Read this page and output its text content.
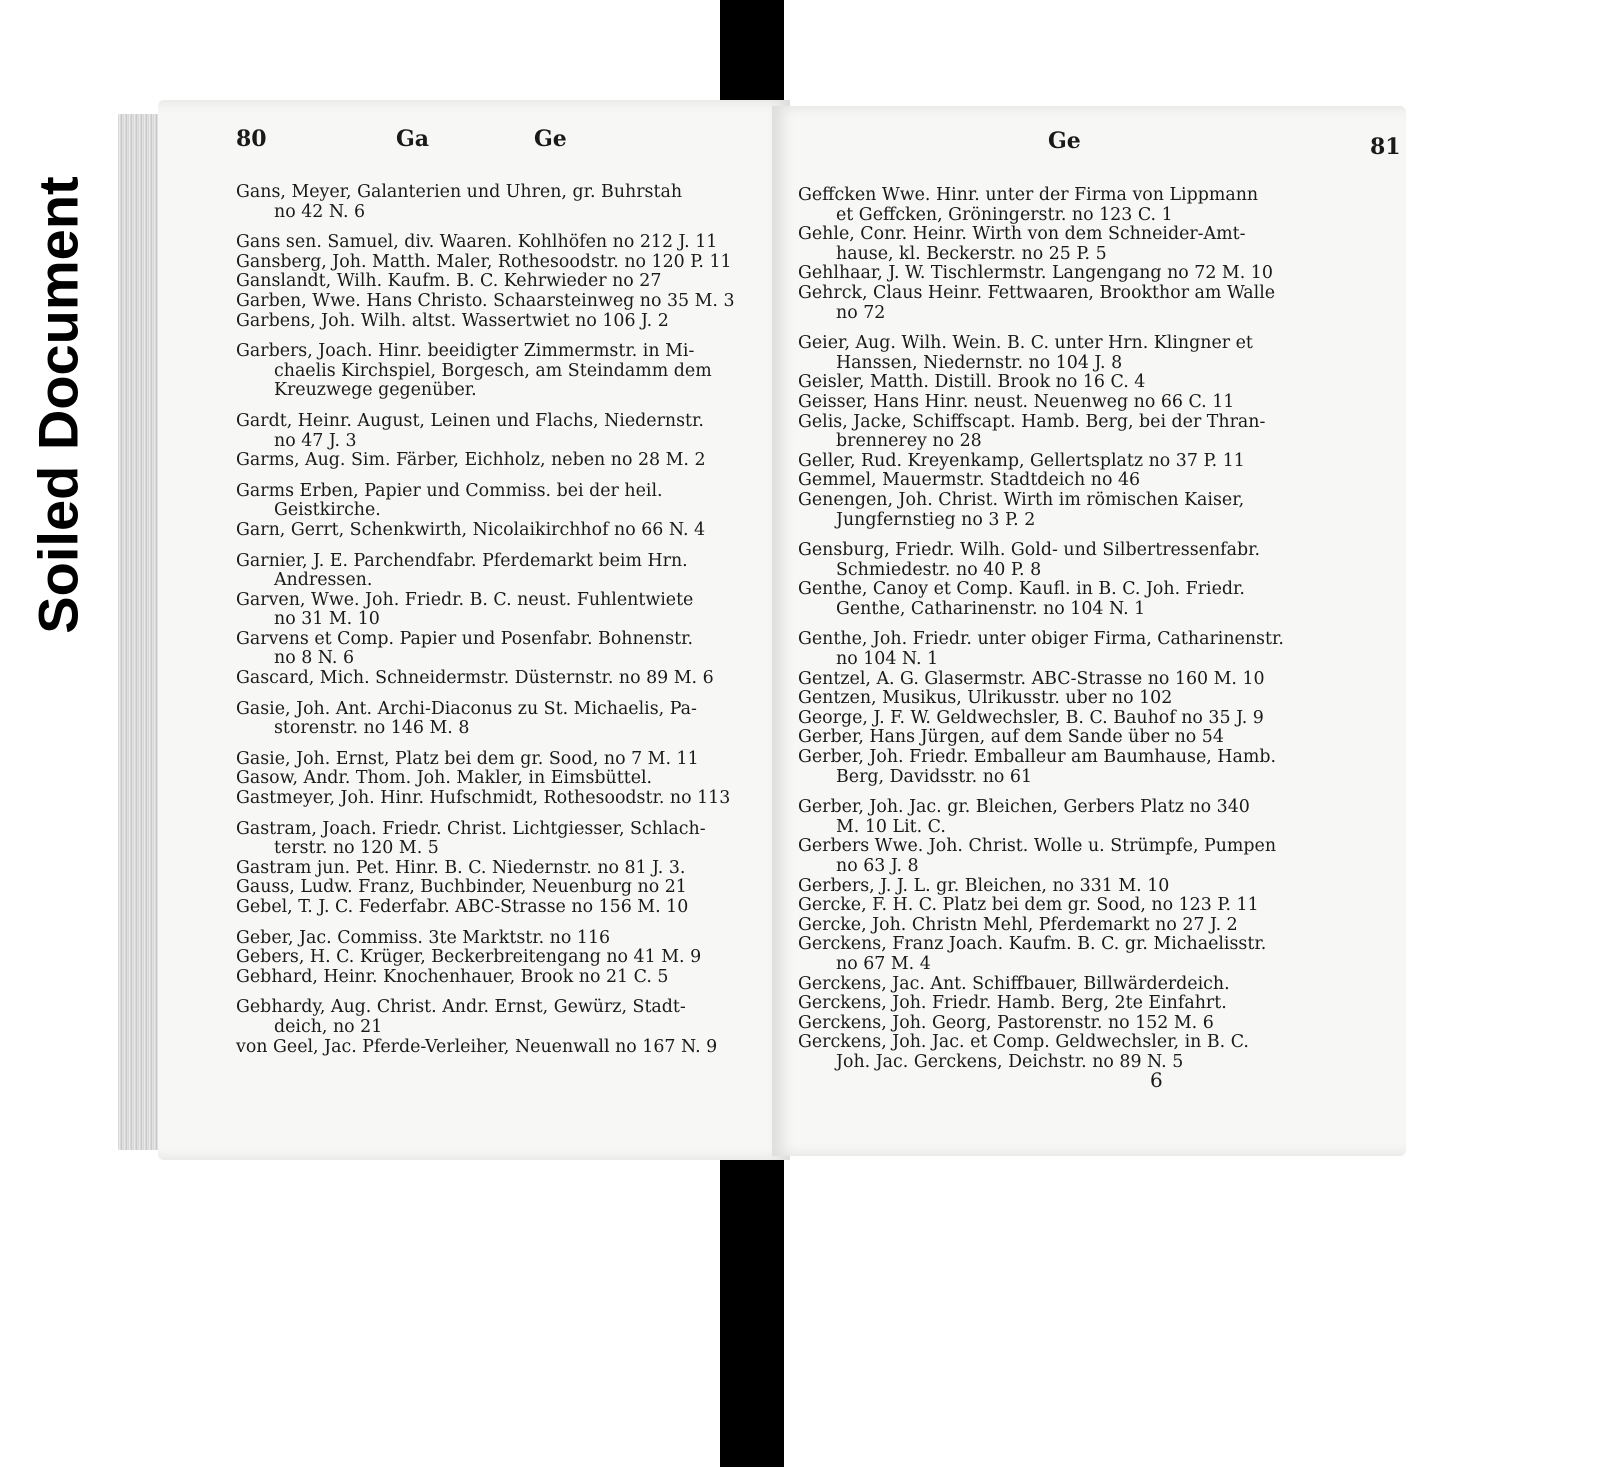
Soiled Document
80	Ga	Ge
Gans, Meyer, Galanterien und Uhren, gr. Buhrstah
no 42 N. 6
Gans sen. Samuel, div. Waaren. Kohlhöfen no 212 J. 11
Gansberg, Joh. Matth. Maler, Rothesoodstr. no 120 P. 11
Ganslandt, Wilh. Kaufm. B. C. Kehrwieder no 27
Garben, Wwe. Hans Christo. Schaarsteinweg no 35 M. 3
Garbens, Joh. Wilh. altst. Wassertwiet no 106 J. 2
Garbers, Joach. Hinr. beeidigter Zimmermstr. in Mi-
chaelis Kirchspiel, Borgesch, am Steindamm dem
Kreuzwege gegenüber.
Gardt, Heinr. August, Leinen und Flachs, Niedernstr.
no 47 J. 3
Garms, Aug. Sim. Färber, Eichholz, neben no 28 M. 2
Garms Erben, Papier und Commiss. bei der heil.
Geistkirche.
Garn, Gerrt, Schenkwirth, Nicolaikirchhof no 66 N. 4
Garnier, J. E. Parchendfabr. Pferdemarkt beim Hrn.
Andressen.
Garven, Wwe. Joh. Friedr. B. C. neust. Fuhlentwiete
no 31 M. 10
Garvens et Comp. Papier und Posenfabr. Bohnenstr.
no 8 N. 6
Gascard, Mich. Schneidermstr. Düsternstr. no 89 M. 6
Gasie, Joh. Ant. Archi-Diaconus zu St. Michaelis, Pa-
storenstr. no 146 M. 8
Gasie, Joh. Ernst, Platz bei dem gr. Sood, no 7 M. 11
Gasow, Andr. Thom. Joh. Makler, in Eimsbüttel.
Gastmeyer, Joh. Hinr. Hufschmidt, Rothesoodstr. no 113
Gastram, Joach. Friedr. Christ. Lichtgiesser, Schlach-
terstr. no 120 M. 5
Gastram jun. Pet. Hinr. B. C. Niedernstr. no 81 J. 3.
Gauss, Ludw. Franz, Buchbinder, Neuenburg no 21
Gebel, T. J. C. Federfabr. ABC-Strasse no 156 M. 10
Geber, Jac. Commiss. 3te Marktstr. no 116
Gebers, H. C. Krüger, Beckerbreitengang no 41 M. 9
Gebhard, Heinr. Knochenhauer, Brook no 21 C. 5
Gebhardy, Aug. Christ. Andr. Ernst, Gewürz, Stadt-
deich, no 21
von Geel, Jac. Pferde-Verleiher, Neuenwall no 167 N. 9
Ge	81
Geffcken Wwe. Hinr. unter der Firma von Lippmann
et Geffcken, Gröningerstr. no 123 C. 1
Gehle, Conr. Heinr. Wirth von dem Schneider-Amt-
hause, kl. Beckerstr. no 25 P. 5
Gehlhaar, J. W. Tischlermstr. Langengang no 72 M. 10
Gehrck, Claus Heinr. Fettwaaren, Brookthor am Walle
no 72
Geier, Aug. Wilh. Wein. B. C. unter Hrn. Klingner et
Hanssen, Niedernstr. no 104 J. 8
Geisler, Matth. Distill. Brook no 16 C. 4
Geisser, Hans Hinr. neust. Neuenweg no 66 C. 11
Gelis, Jacke, Schiffscapt. Hamb. Berg, bei der Thran-
brennerey no 28
Geller, Rud. Kreyenkamp, Gellertsplatz no 37 P. 11
Gemmel, Mauermstr. Stadtdeich no 46
Genengen, Joh. Christ. Wirth im römischen Kaiser,
Jungfernstieg no 3 P. 2
Gensburg, Friedr. Wilh. Gold- und Silbertressenfabr.
Schmiedestr. no 40 P. 8
Genthe, Canoy et Comp. Kaufl. in B. C. Joh. Friedr.
Genthe, Catharinenstr. no 104 N. 1
Genthe, Joh. Friedr. unter obiger Firma, Catharinenstr.
no 104 N. 1
Gentzel, A. G. Glasermstr. ABC-Strasse no 160 M. 10
Gentzen, Musikus, Ulrikusstr. uber no 102
George, J. F. W. Geldwechsler, B. C. Bauhof no 35 J. 9
Gerber, Hans Jürgen, auf dem Sande über no 54
Gerber, Joh. Friedr. Emballeur am Baumhause, Hamb.
Berg, Davidsstr. no 61
Gerber, Joh. Jac. gr. Bleichen, Gerbers Platz no 340
M. 10 Lit. C.
Gerbers Wwe. Joh. Christ. Wolle u. Strümpfe, Pumpen
no 63 J. 8
Gerbers, J. J. L. gr. Bleichen, no 331 M. 10
Gercke, F. H. C. Platz bei dem gr. Sood, no 123 P. 11
Gercke, Joh. Christn Mehl, Pferdemarkt no 27 J. 2
Gerckens, Franz Joach. Kaufm. B. C. gr. Michaelisstr.
no 67 M. 4
Gerckens, Jac. Ant. Schiffbauer, Billwärderdeich.
Gerckens, Joh. Friedr. Hamb. Berg, 2te Einfahrt.
Gerckens, Joh. Georg, Pastorenstr. no 152 M. 6
Gerckens, Joh. Jac. et Comp. Geldwechsler, in B. C.
Joh. Jac. Gerckens, Deichstr. no 89 N. 5
6
